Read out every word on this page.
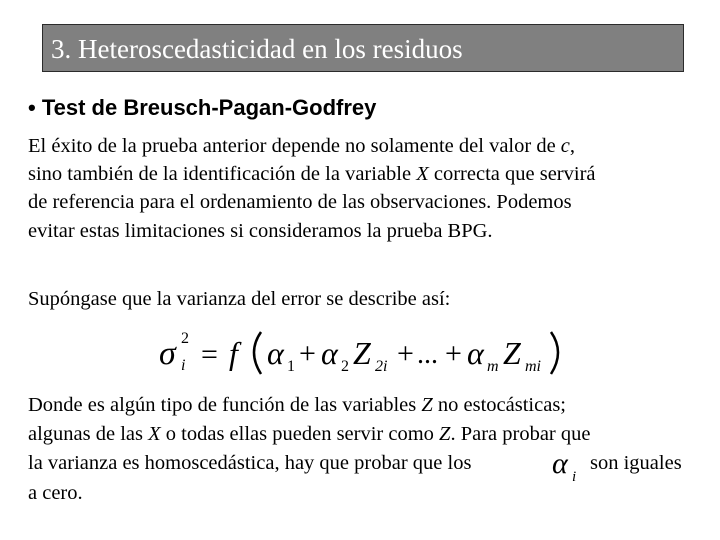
3. Heteroscedasticidad en los residuos
• Test de Breusch-Pagan-Godfrey
El éxito de la prueba anterior depende no solamente del valor de c,
sino también de la identificación de la variable X correcta que servirá
de referencia para el ordenamiento de las observaciones. Podemos
evitar estas limitaciones si consideramos la prueba BPG.
Supóngase que la varianza del error se describe así:
σ 2
i = f α 1 + α 2 Z 2i + ... + α m Z mi
Donde es algún tipo de función de las variables Z no estocásticas;
algunas de las X o todas ellas pueden servir como Z. Para probar que
la varianza es homoscedástica, hay que probar que los	son iguales
α i
a cero.
